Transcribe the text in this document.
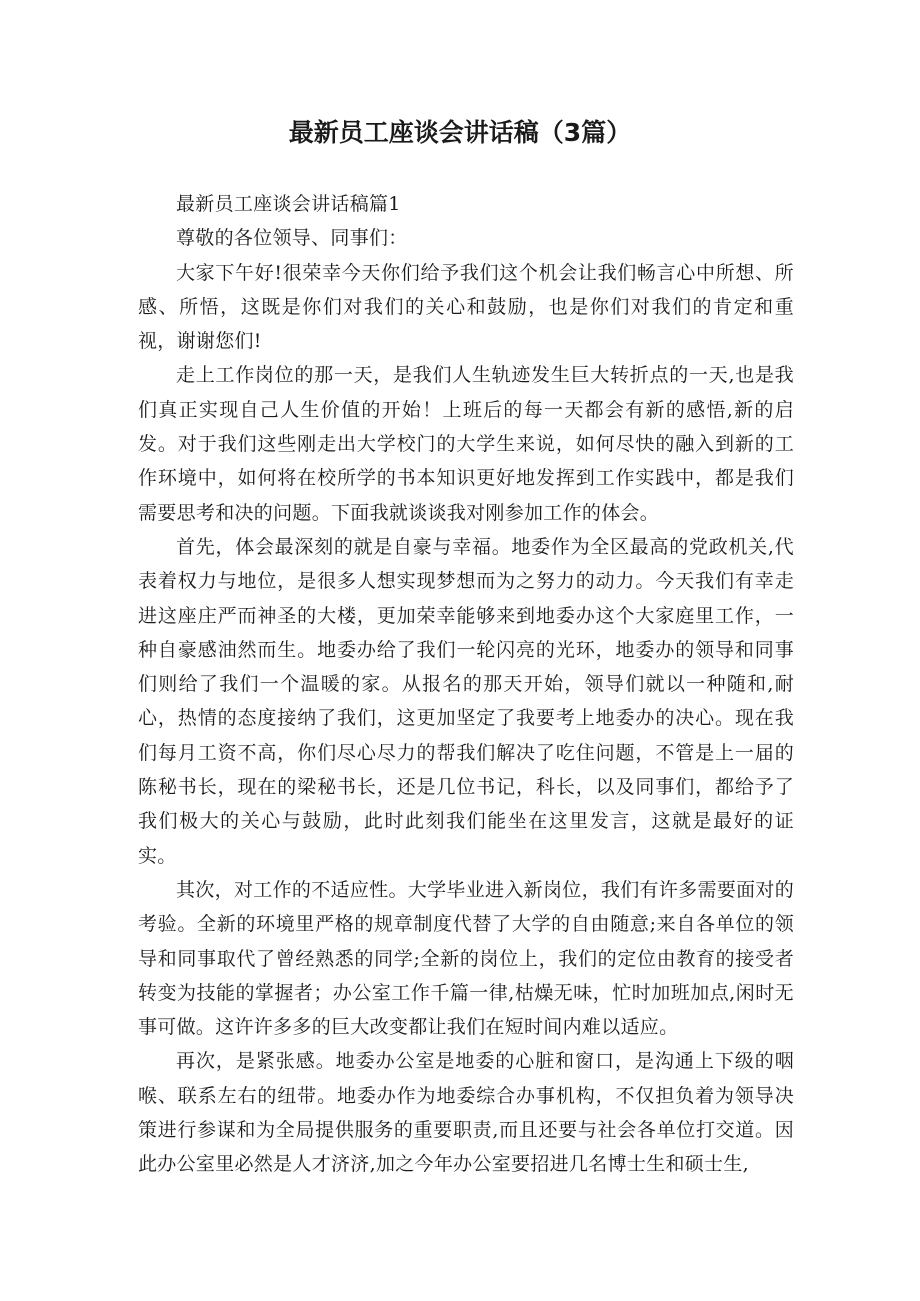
最新员工座谈会讲话稿（3篇）

最新员工座谈会讲话稿篇1

尊敬的各位领导、同事们：

大家下午好!很荣幸今天你们给予我们这个机会让我们畅言心中所想、所感、所悟，这既是你们对我们的关心和鼓励，也是你们对我们的肯定和重视，谢谢您们!

走上工作岗位的那一天，是我们人生轨迹发生巨大转折点的一天,也是我们真正实现自己人生价值的开始！上班后的每一天都会有新的感悟,新的启发。对于我们这些刚走出大学校门的大学生来说，如何尽快的融入到新的工作环境中，如何将在校所学的书本知识更好地发挥到工作实践中，都是我们需要思考和决的问题。下面我就谈谈我对刚参加工作的体会。

首先，体会最深刻的就是自豪与幸福。地委作为全区最高的党政机关,代表着权力与地位，是很多人想实现梦想而为之努力的动力。今天我们有幸走进这座庄严而神圣的大楼，更加荣幸能够来到地委办这个大家庭里工作，一种自豪感油然而生。地委办给了我们一轮闪亮的光环，地委办的领导和同事们则给了我们一个温暖的家。从报名的那天开始，领导们就以一种随和,耐心，热情的态度接纳了我们，这更加坚定了我要考上地委办的决心。现在我们每月工资不高，你们尽心尽力的帮我们解决了吃住问题，不管是上一届的陈秘书长，现在的梁秘书长，还是几位书记，科长，以及同事们，都给予了我们极大的关心与鼓励，此时此刻我们能坐在这里发言，这就是最好的证实。

其次，对工作的不适应性。大学毕业进入新岗位，我们有许多需要面对的考验。全新的环境里严格的规章制度代替了大学的自由随意;来自各单位的领导和同事取代了曾经熟悉的同学;全新的岗位上，我们的定位由教育的接受者转变为技能的掌握者；办公室工作千篇一律,枯燥无味，忙时加班加点,闲时无事可做。这许许多多的巨大改变都让我们在短时间内难以适应。

再次，是紧张感。地委办公室是地委的心脏和窗口，是沟通上下级的咽喉、联系左右的纽带。地委办作为地委综合办事机构，不仅担负着为领导决策进行参谋和为全局提供服务的重要职责,而且还要与社会各单位打交道。因此办公室里必然是人才济济,加之今年办公室要招进几名博士生和硕士生,
